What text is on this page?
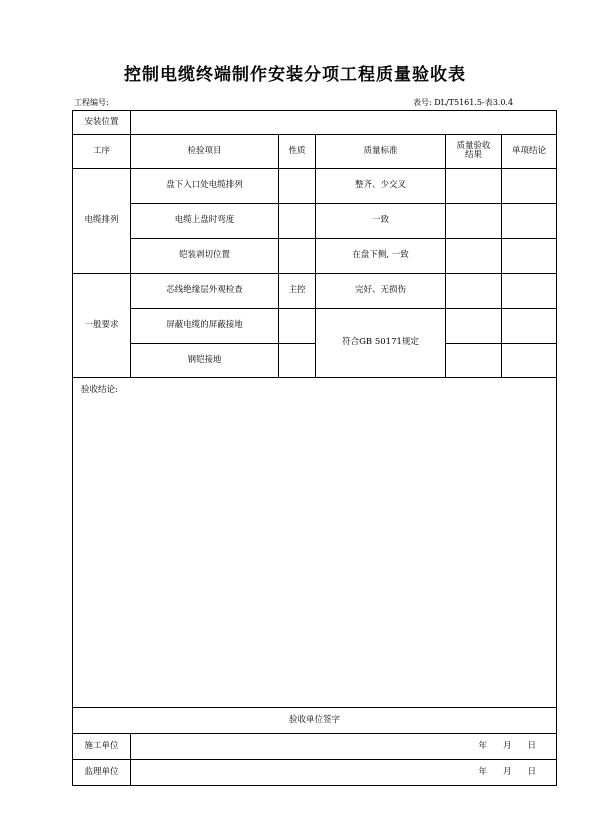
控制电缆终端制作安装分项工程质量验收表
工程编号:	表号: DL/T5161.5-表3.0.4
安装位置					
工序	检验项目	性质	质量标准	质量验收结果	单项结论
电缆排列	盘下入口处电缆排列		整齐、少交叉		
	电缆上盘时弯度		一致		
	铠装剥切位置		在盘下侧, 一致		
一般要求	芯线绝缘层外观检查	主控	完好、无损伤		
	屏蔽电缆的屏蔽接地		符合GB 50171规定		
	钢铠接地				
验收结论:					
验收单位签字					
施工单位	年 月 日				

监理单位	年 月 日				
